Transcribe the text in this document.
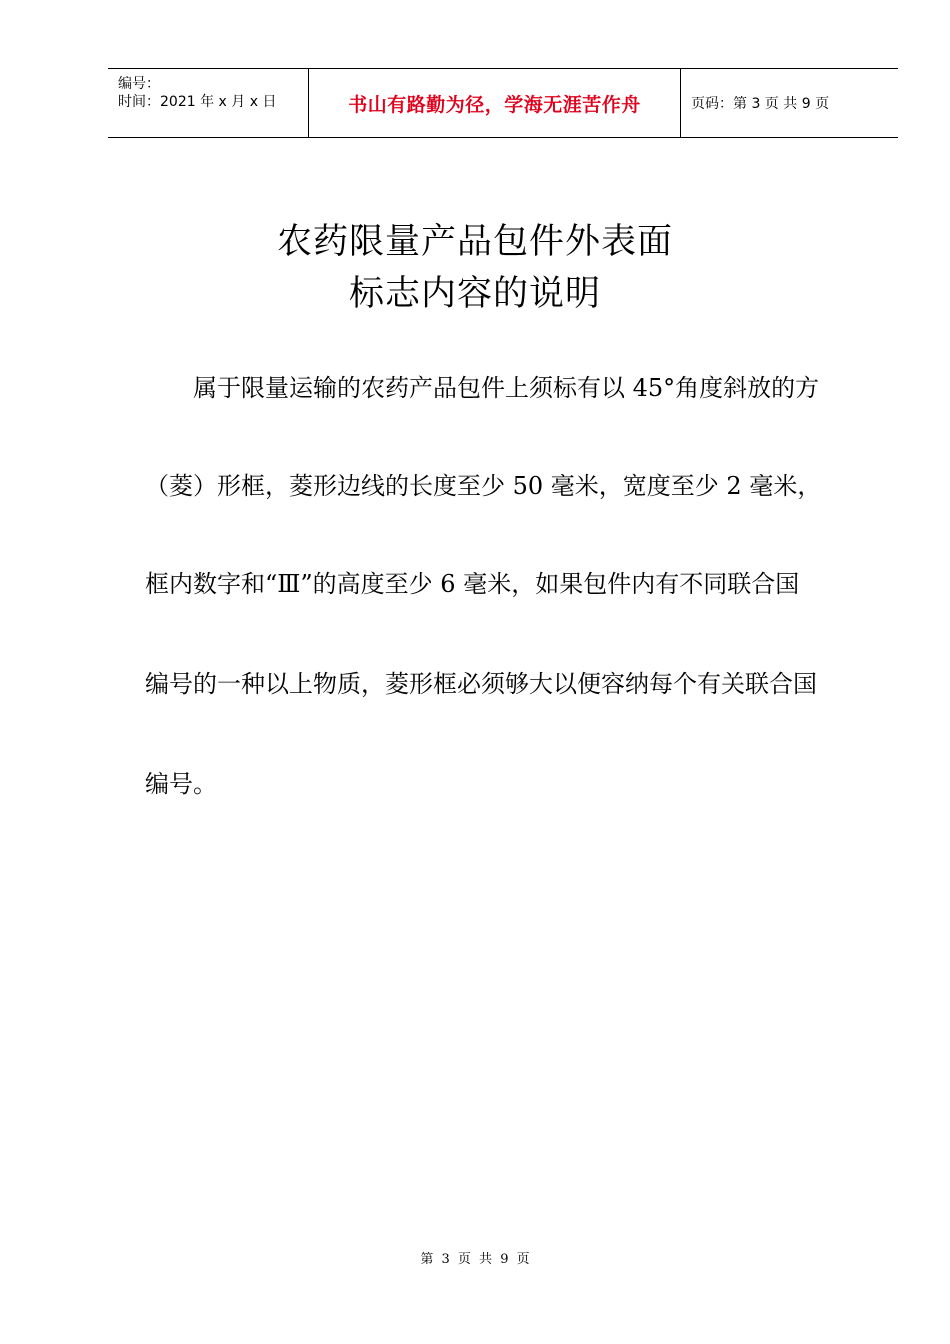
编号：
时间：2021 年 x 月 x 日	书山有路勤为径，学海无涯苦作舟	页码：第 3 页 共 9 页
农药限量产品包件外表面
标志内容的说明
属于限量运输的农药产品包件上须标有以 45°角度斜放的方
（菱）形框，菱形边线的长度至少 50 毫米，宽度至少 2 毫米，
框内数字和“Ⅲ”的高度至少 6 毫米，如果包件内有不同联合国
编号的一种以上物质，菱形框必须够大以便容纳每个有关联合国
编号。
第 3 页 共 9 页
